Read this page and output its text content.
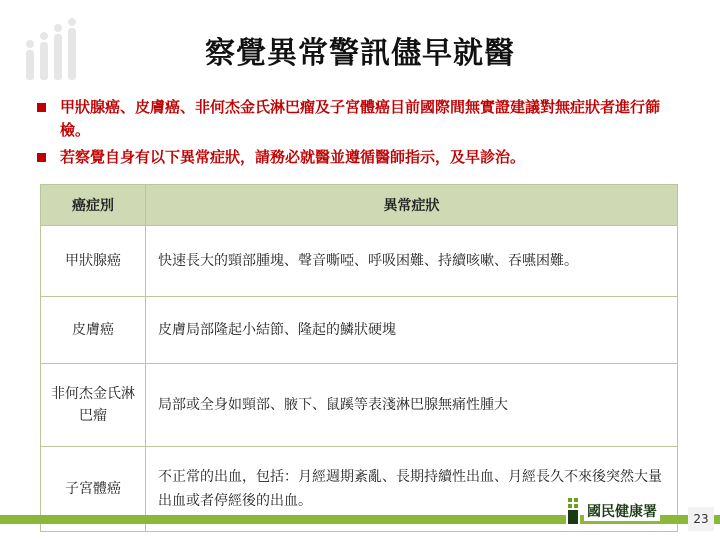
察覺異常警訊儘早就醫
甲狀腺癌、皮膚癌、非何杰金氏淋巴瘤及子宮體癌目前國際間無實證建議對無症狀者進行篩檢。
若察覺自身有以下異常症狀，請務必就醫並遵循醫師指示，及早診治。
癌症別	異常症狀
甲狀腺癌	快速長大的頸部腫塊、聲音嘶啞、呼吸困難、持續咳嗽、吞嚥困難。
皮膚癌	皮膚局部隆起小結節、隆起的鱗狀硬塊
非何杰金氏淋巴瘤	局部或全身如頸部、腋下、鼠蹊等表淺淋巴腺無痛性腫大
子宮體癌	不正常的出血，包括：月經週期紊亂、長期持續性出血、月經長久不來後突然大量出血或者停經後的出血。
國民健康署	23
